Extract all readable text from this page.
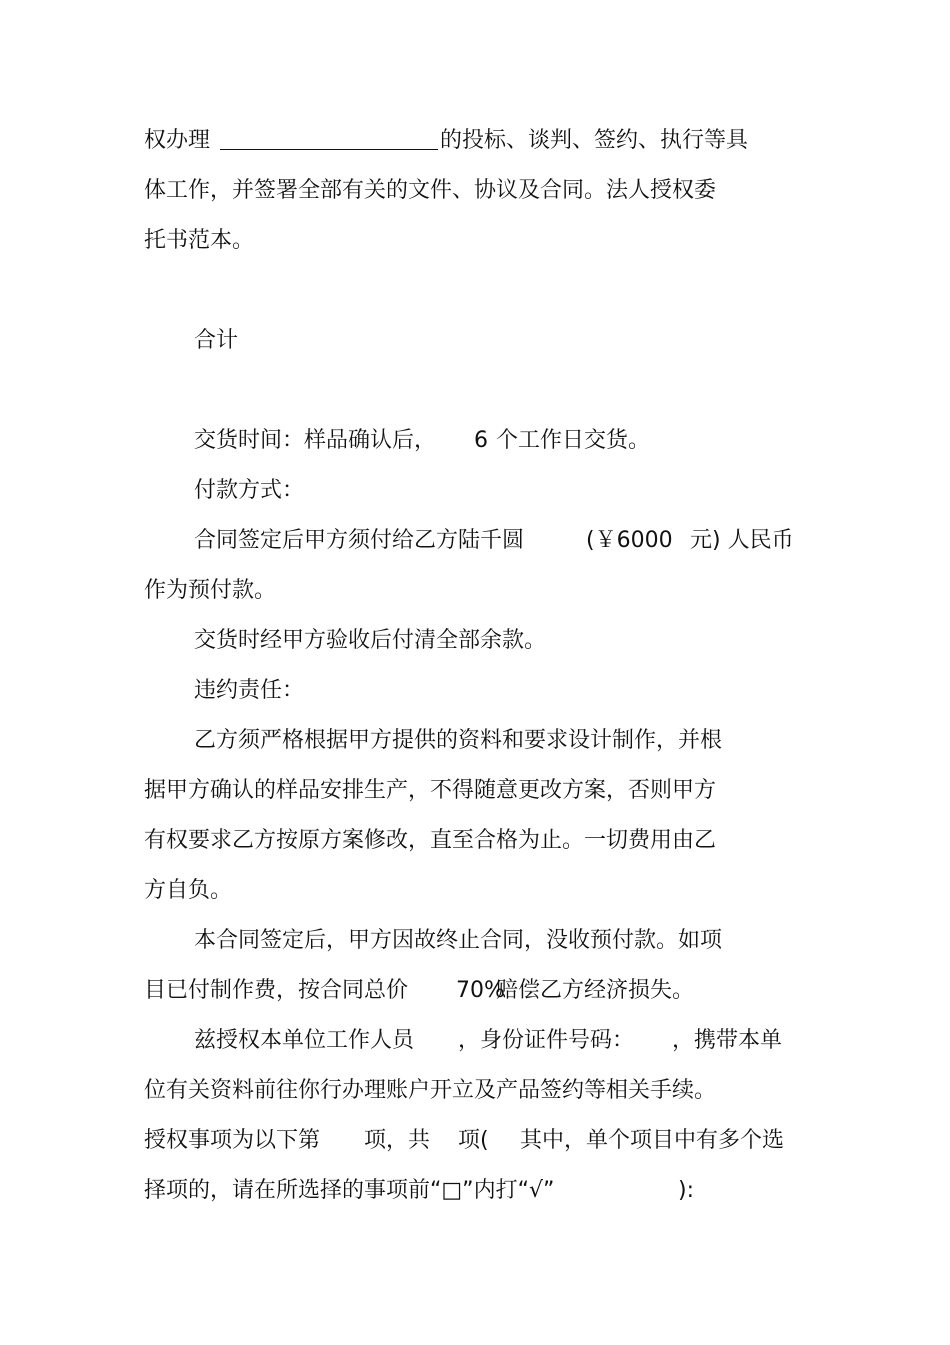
权办理	的投标、谈判、签约、执行等具
体工作，并签署全部有关的文件、协议及合同。法人授权委
托书范本。
合计
交货时间：样品确认后， 6 个工作日交货。
付款方式：
合同签定后甲方须付给乙方陆千圆	(￥6000 元) 人民币
作为预付款。
交货时经甲方验收后付清全部余款。
违约责任：
乙方须严格根据甲方提供的资料和要求设计制作，并根
据甲方确认的样品安排生产，不得随意更改方案，否则甲方
有权要求乙方按原方案修改，直至合格为止。一切费用由乙
方自负。
本合同签定后，甲方因故终止合同，没收预付款。如项
目已付制作费，按合同总价 70%
赔偿乙方经济损失。
兹授权本单位工作人员 ，身份证件号码： ，携带本单
位有关资料前往你行办理账户开立及产品签约等相关手续。
授权事项为以下第 项，共 项( 其中，单个项目中有多个选
择项的，请在所选择的事项前“□”内打“√”	):
